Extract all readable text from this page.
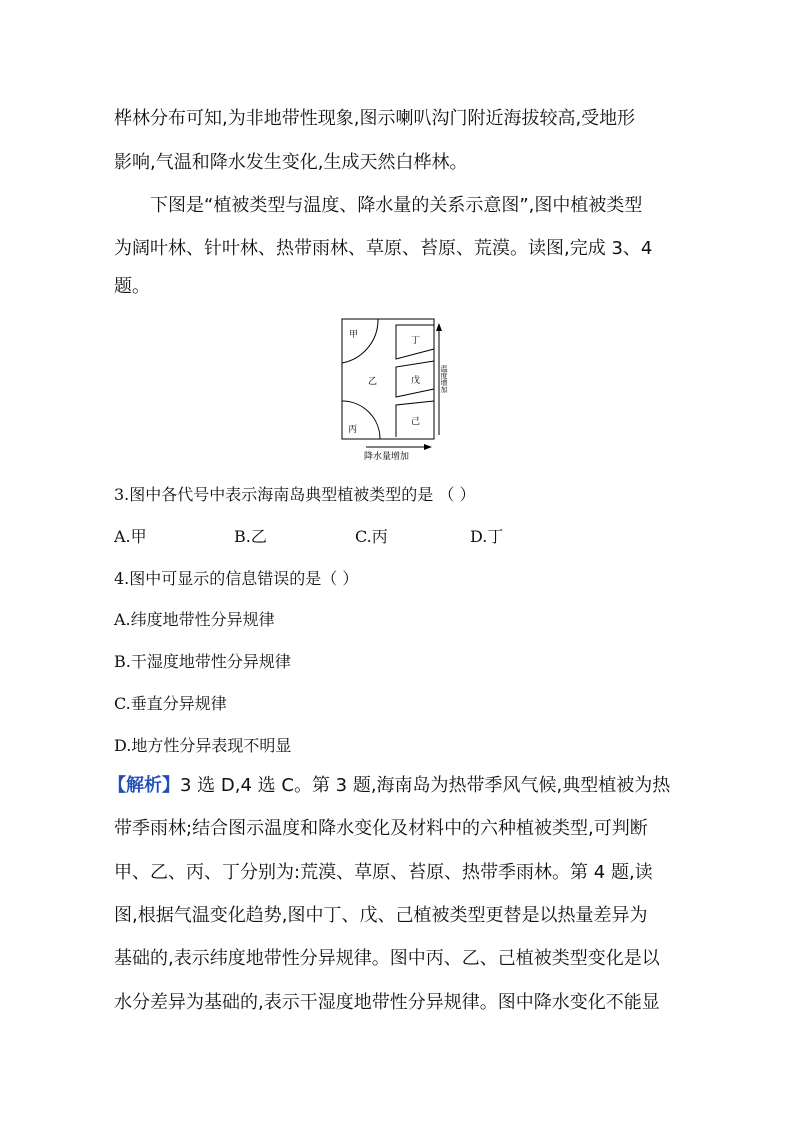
桦林分布可知,为非地带性现象,图示喇叭沟门附近海拔较高,受地形
影响,气温和降水发生变化,生成天然白桦林。
下图是“植被类型与温度、降水量的关系示意图”,图中植被类型
为阔叶林、针叶林、热带雨林、草原、苔原、荒漠。读图,完成 3、4
题。
甲
乙
丙
丁
戊
己
温度增加
降水量增加
3.图中各代号中表示海南岛典型植被类型的是 （ ）
A.甲	B.乙	C.丙	D.丁
4.图中可显示的信息错误的是（ ）
A.纬度地带性分异规律
B.干湿度地带性分异规律
C.垂直分异规律
D.地方性分异表现不明显
【解析】3 选 D,4 选 C。第 3 题,海南岛为热带季风气候,典型植被为热
带季雨林;结合图示温度和降水变化及材料中的六种植被类型,可判断
甲、乙、丙、丁分别为:荒漠、草原、苔原、热带季雨林。第 4 题,读
图,根据气温变化趋势,图中丁、戊、己植被类型更替是以热量差异为
基础的,表示纬度地带性分异规律。图中丙、乙、己植被类型变化是以
水分差异为基础的,表示干湿度地带性分异规律。图中降水变化不能显
